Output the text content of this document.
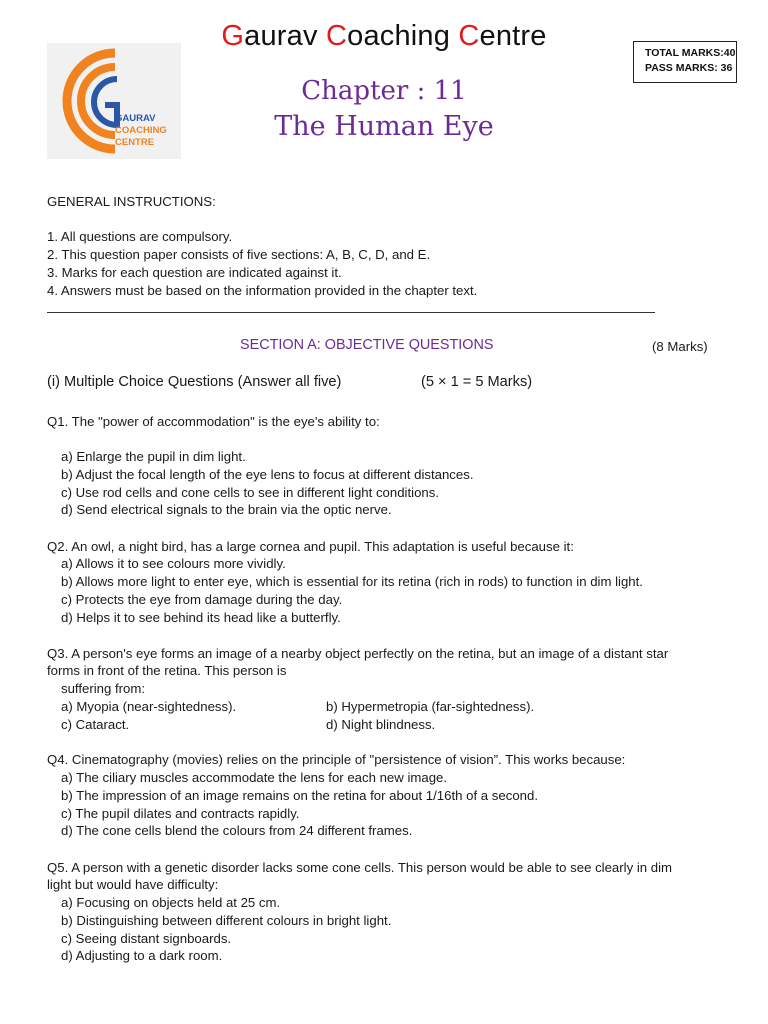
GAURAV
COACHING
CENTRE
Gaurav Coaching Centre
TOTAL MARKS:40
PASS MARKS: 36
Chapter : 11
The Human Eye
GENERAL INSTRUCTIONS:
1. All questions are compulsory.
2. This question paper consists of five sections: A, B, C, D, and E.
3. Marks for each question are indicated against it.
4. Answers must be based on the information provided in the chapter text.
SECTION A: OBJECTIVE QUESTIONS	(8 Marks)
(i) Multiple Choice Questions (Answer all five)	(5 × 1 = 5 Marks)
Q1. The "power of accommodation" is the eye's ability to:
a) Enlarge the pupil in dim light.
b) Adjust the focal length of the eye lens to focus at different distances.
c) Use rod cells and cone cells to see in different light conditions.
d) Send electrical signals to the brain via the optic nerve.
Q2. An owl, a night bird, has a large cornea and pupil. This adaptation is useful because it:
a) Allows it to see colours more vividly.
b) Allows more light to enter eye, which is essential for its retina (rich in rods) to function in dim light.
c) Protects the eye from damage during the day.
d) Helps it to see behind its head like a butterfly.
Q3. A person's eye forms an image of a nearby object perfectly on the retina, but an image of a distant star
forms in front of the retina. This person is
suffering from:
a) Myopia (near-sightedness).	b) Hypermetropia (far-sightedness).
c) Cataract.	d) Night blindness.
Q4. Cinematography (movies) relies on the principle of "persistence of vision”. This works because:
a) The ciliary muscles accommodate the lens for each new image.
b) The impression of an image remains on the retina for about 1/16th of a second.
c) The pupil dilates and contracts rapidly.
d) The cone cells blend the colours from 24 different frames.
Q5. A person with a genetic disorder lacks some cone cells. This person would be able to see clearly in dim
light but would have difficulty:
a) Focusing on objects held at 25 cm.
b) Distinguishing between different colours in bright light.
c) Seeing distant signboards.
d) Adjusting to a dark room.
